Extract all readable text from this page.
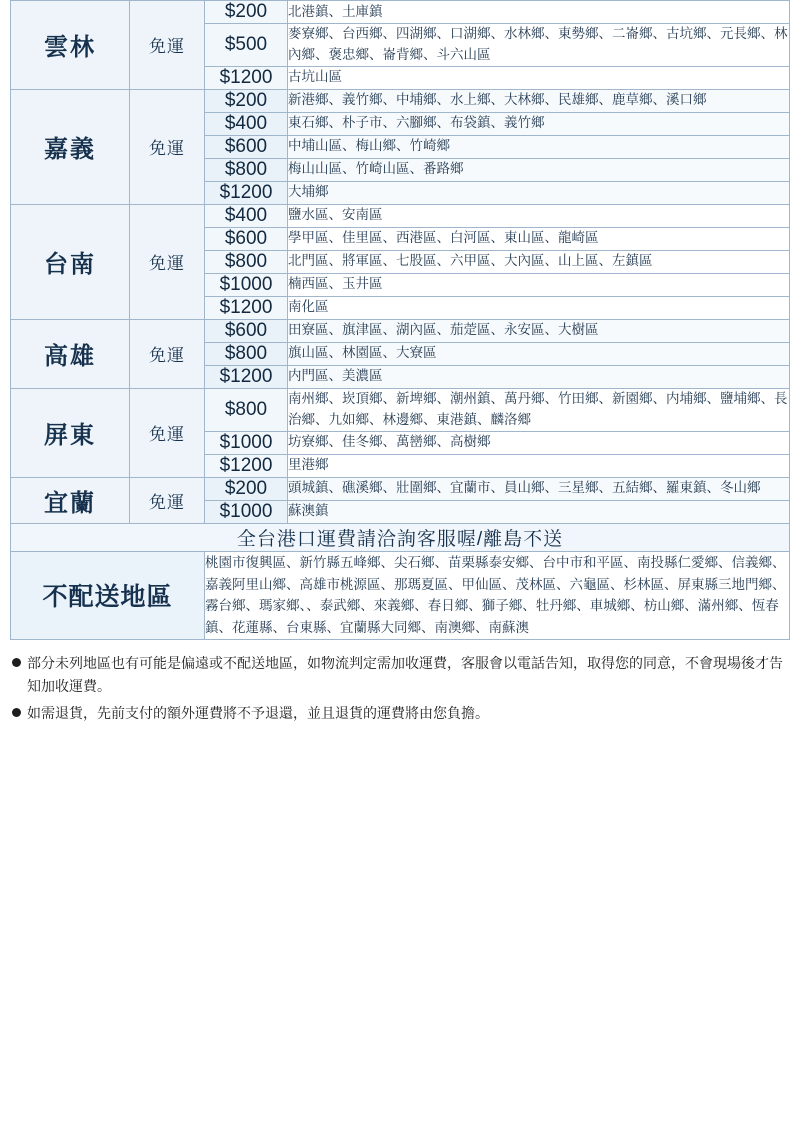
雲林	免運	$200	北港鎮、土庫鎮
		$500	麥寮鄉、台西鄉、四湖鄉、口湖鄉、水林鄉、東勢鄉、二崙鄉、古坑鄉、元長鄉、林內鄉、褒忠鄉、崙背鄉、斗六山區
		$1200	古坑山區
嘉義	免運	$200	新港鄉、義竹鄉、中埔鄉、水上鄉、大林鄉、民雄鄉、鹿草鄉、溪口鄉
		$400	東石鄉、朴子市、六腳鄉、布袋鎮、義竹鄉
		$600	中埔山區、梅山鄉、竹崎鄉
		$800	梅山山區、竹崎山區、番路鄉
		$1200	大埔鄉
台南	免運	$400	鹽水區、安南區
		$600	學甲區、佳里區、西港區、白河區、東山區、龍崎區
		$800	北門區、將軍區、七股區、六甲區、大內區、山上區、左鎮區
		$1000	楠西區、玉井區
		$1200	南化區
高雄	免運	$600	田寮區、旗津區、湖內區、茄萣區、永安區、大樹區
		$800	旗山區、林園區、大寮區
		$1200	内門區、美濃區
屏東	免運	$800	南州鄉、崁頂鄉、新埤鄉、潮州鎮、萬丹鄉、竹田鄉、新園鄉、内埔鄉、鹽埔鄉、長治鄉、九如鄉、林邊鄉、東港鎮、麟洛鄉
		$1000	坊寮鄉、佳冬鄉、萬巒鄉、高樹鄉
		$1200	里港鄉
宜蘭	免運	$200	頭城鎮、礁溪鄉、壯圍鄉、宜蘭市、員山鄉、三星鄉、五結鄉、羅東鎮、冬山鄉
		$1000	蘇澳鎮
全台港口運費請洽詢客服喔/離島不送			
不配送地區		桃園市復興區、新竹縣五峰鄉、尖石鄉、苗栗縣泰安鄉、台中市和平區、南投縣仁愛鄉、信義鄉、嘉義阿里山鄉、高雄市桃源區、那瑪夏區、甲仙區、茂林區、六龜區、杉林區、屏東縣三地門鄉、霧台鄉、瑪家鄉、、泰武鄉、來義鄉、春日鄉、獅子鄉、牡丹鄉、車城鄉、枋山鄉、滿州鄉、恆春鎮、花蓮縣、台東縣、宜蘭縣大同鄉、南澳鄉、南蘇澳	
部分未列地區也有可能是偏遠或不配送地區，如物流判定需加收運費，客服會以電話告知，取得您的同意，不會現場後才告知加收運費。
如需退貨，先前支付的額外運費將不予退還，並且退貨的運費將由您負擔。
